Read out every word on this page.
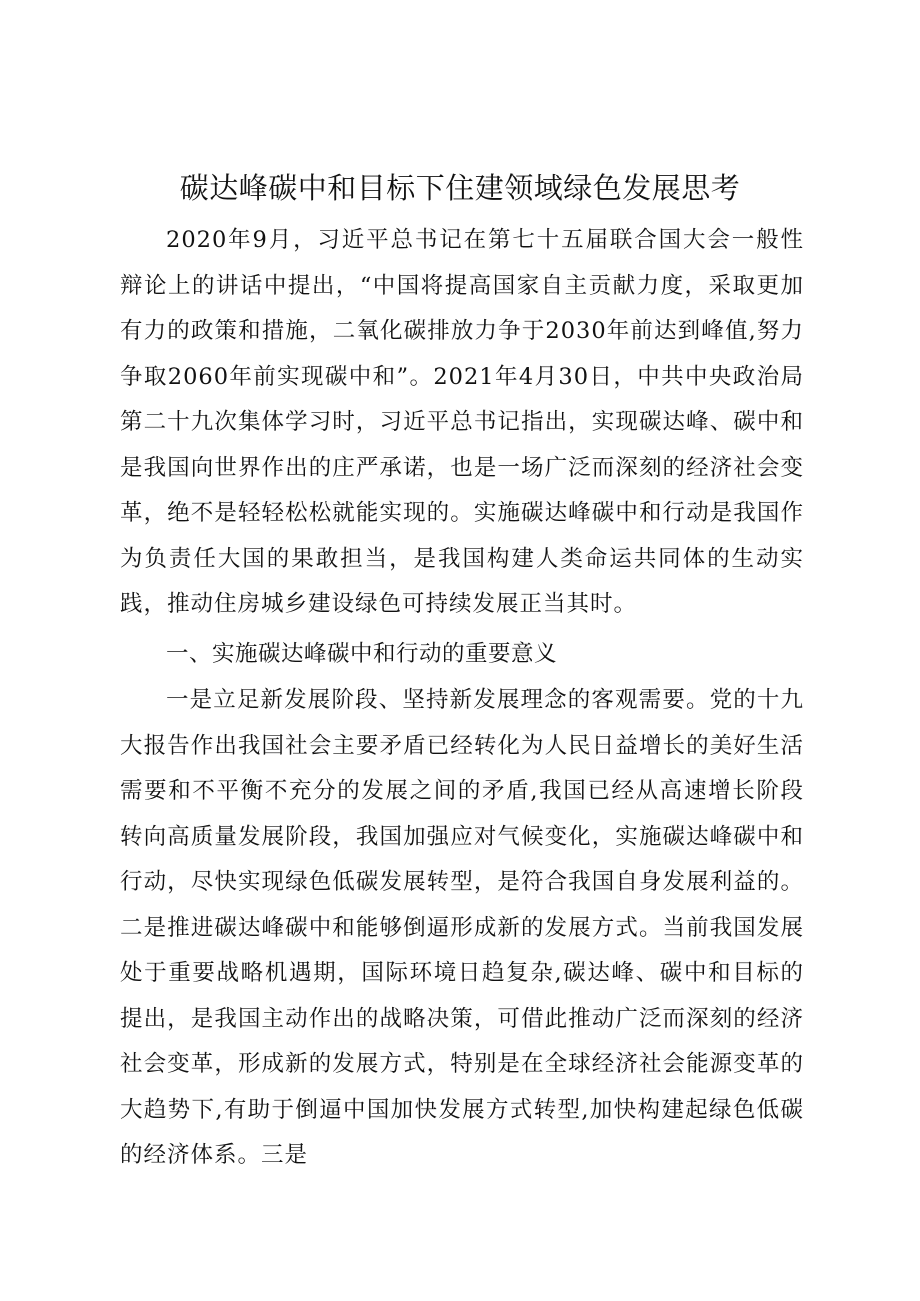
碳达峰碳中和目标下住建领域绿色发展思考

2020年9月，习近平总书记在第七十五届联合国大会一般性辩论上的讲话中提出，“中国将提高国家自主贡献力度，采取更加有力的政策和措施，二氧化碳排放力争于2030年前达到峰值,努力争取2060年前实现碳中和”。2021年4月30日，中共中央政治局第二十九次集体学习时，习近平总书记指出，实现碳达峰、碳中和是我国向世界作出的庄严承诺，也是一场广泛而深刻的经济社会变革，绝不是轻轻松松就能实现的。实施碳达峰碳中和行动是我国作为负责任大国的果敢担当，是我国构建人类命运共同体的生动实践，推动住房城乡建设绿色可持续发展正当其时。

一、实施碳达峰碳中和行动的重要意义

一是立足新发展阶段、坚持新发展理念的客观需要。党的十九大报告作出我国社会主要矛盾已经转化为人民日益增长的美好生活需要和不平衡不充分的发展之间的矛盾,我国已经从高速增长阶段转向高质量发展阶段，我国加强应对气候变化，实施碳达峰碳中和行动，尽快实现绿色低碳发展转型，是符合我国自身发展利益的。二是推进碳达峰碳中和能够倒逼形成新的发展方式。当前我国发展处于重要战略机遇期，国际环境日趋复杂,碳达峰、碳中和目标的提出，是我国主动作出的战略决策，可借此推动广泛而深刻的经济社会变革，形成新的发展方式，特别是在全球经济社会能源变革的大趋势下,有助于倒逼中国加快发展方式转型,加快构建起绿色低碳的经济体系。三是
